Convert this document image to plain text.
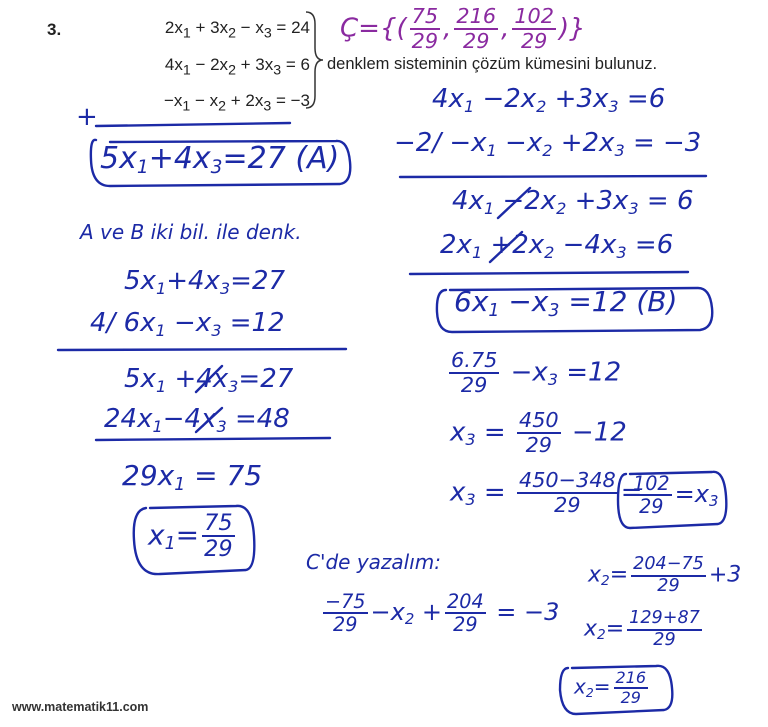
3.	$2x_1 + 3x_2 - x_3 = 24$
$4x_1 - 2x_2 + 3x_3 = 6$
$-x_1 - x_2 + 2x_3 = -3$
denklem sisteminin çözüm kümesini bulunuz.
Ç={( $\frac{75}{29}$ , $\frac{216}{29}$ , $\frac{102}{29}$ )}
+
5x1+4x3=27 (A)
A ve B iki bil. ile denk.
5x1+4x3=27
4/ 6x1 −x3 =12
5x1 +4x3=27
24x1−4x3 =48
29x1 = 75
$x1= \frac{75}{29}$
4x1 −2x2 +3x3 =6
−2/ −x1 −x2 +2x3 = −3
4x1 −2x2 +3x3 = 6
2x1 +2x2 −4x3 =6
6x1 −x3 =12 (B)
$\frac{6.75}{29} -x3 =12$
$x3 = \frac{450}{29} -12$
$x3 = \frac{450-348}{29}$ =
$\frac{102}{29} =x3$
C'de yazalım:
$\frac{-75}{29} -x2 + \frac{204}{29} = -3$
$x2= \frac{204-75}{29} +3$
$x2= \frac{129+87}{29}$
$x2= \frac{216}{29}$
www.matematik11.com
